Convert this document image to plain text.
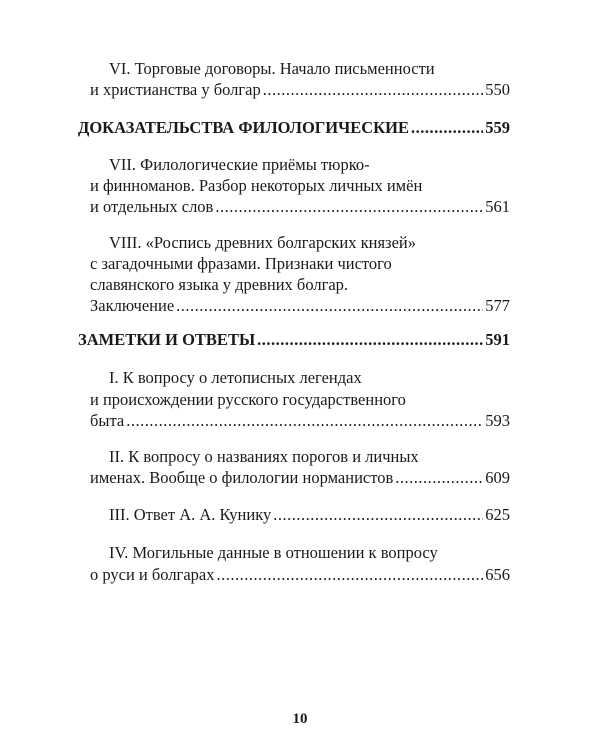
VI. Торговые договоры. Начало письменности
и христианства у болгар .....	550
ДОКАЗАТЕЛЬСТВА ФИЛОЛОГИЧЕСКИЕ .....	559
VII. Филологические приёмы тюрко-
и финноманов. Разбор некоторых личных имён
и отдельных слов .....	561
VIII. «Роспись древних болгарских князей»
с загадочными фразами. Признаки чистого
славянского языка у древних болгар.
Заключение .....	577
ЗАМЕТКИ И ОТВЕТЫ .....	591
I. К вопросу о летописных легендах
и происхождении русского государственного
быта .....	593
II. К вопросу о названиях порогов и личных
именах. Вообще о филологии норманистов .....	609
III. Ответ А. А. Кунику .....	625
IV. Могильные данные в отношении к вопросу
о руси и болгарах .....	656
10
